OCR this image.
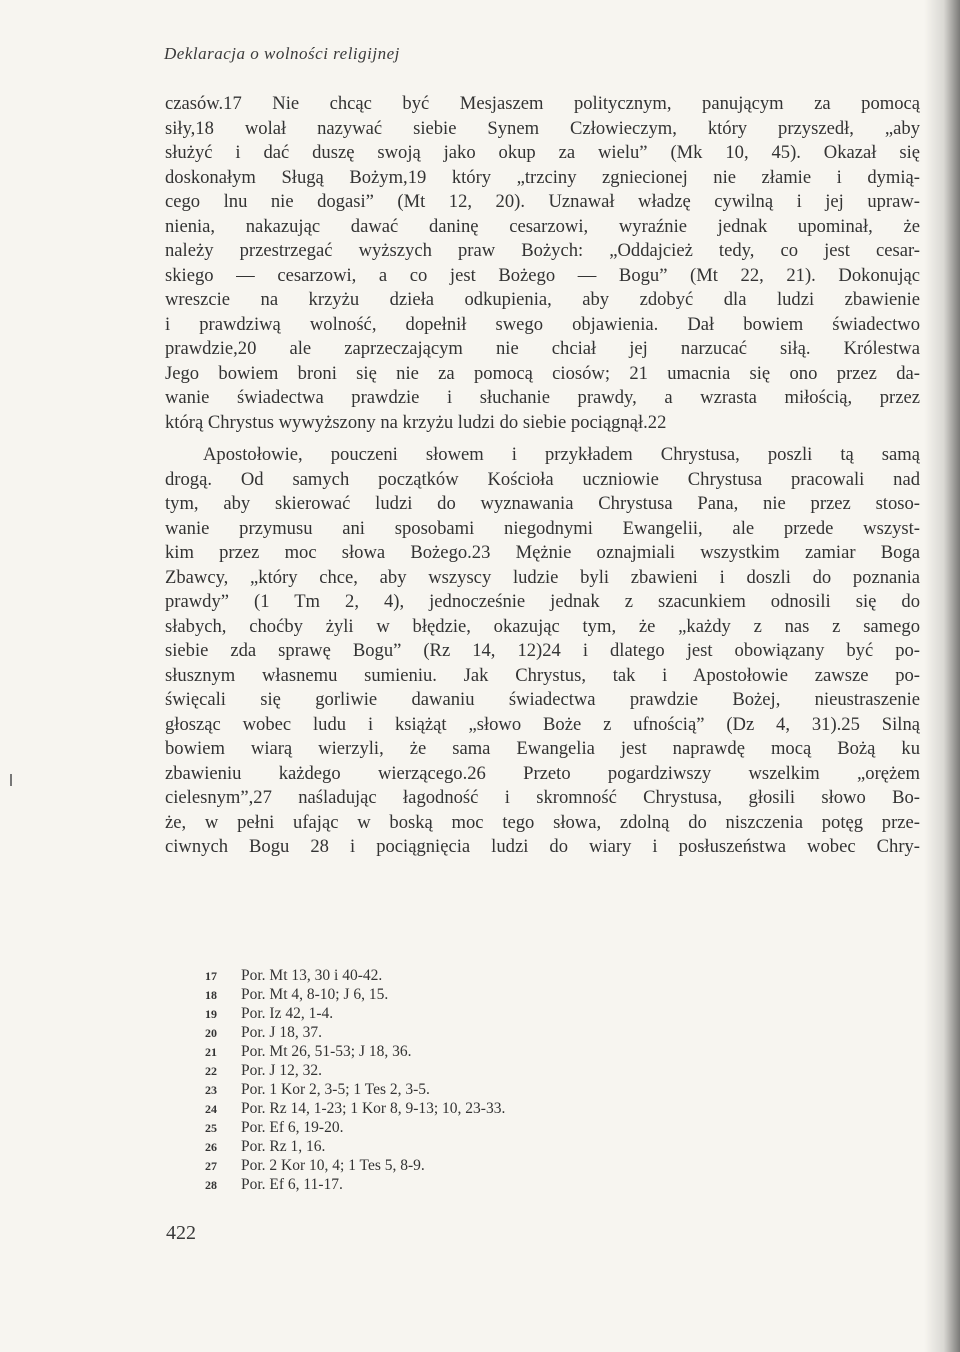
Deklaracja o wolności religijnej
czasów.17 Nie chcąc być Mesjaszem politycznym, panującym za pomocą
siły,18 wolał nazywać siebie Synem Człowieczym, który przyszedł, „aby
służyć i dać duszę swoją jako okup za wielu” (Mk 10, 45). Okazał się
doskonałym Sługą Bożym,19 który „trzciny zgniecionej nie złamie i dymią-
cego lnu nie dogasi” (Mt 12, 20). Uznawał władzę cywilną i jej upraw-
nienia, nakazując dawać daninę cesarzowi, wyraźnie jednak upominał, że
należy przestrzegać wyższych praw Bożych: „Oddajcież tedy, co jest cesar-
skiego — cesarzowi, a co jest Bożego — Bogu” (Mt 22, 21). Dokonując
wreszcie na krzyżu dzieła odkupienia, aby zdobyć dla ludzi zbawienie
i prawdziwą wolność, dopełnił swego objawienia. Dał bowiem świadectwo
prawdzie,20 ale zaprzeczającym nie chciał jej narzucać siłą. Królestwa
Jego bowiem broni się nie za pomocą ciosów; 21 umacnia się ono przez da-
wanie świadectwa prawdzie i słuchanie prawdy, a wzrasta miłością, przez
którą Chrystus wywyższony na krzyżu ludzi do siebie pociągnął.22
Apostołowie, pouczeni słowem i przykładem Chrystusa, poszli tą samą
drogą. Od samych początków Kościoła uczniowie Chrystusa pracowali nad
tym, aby skierować ludzi do wyznawania Chrystusa Pana, nie przez stoso-
wanie przymusu ani sposobami niegodnymi Ewangelii, ale przede wszyst-
kim przez moc słowa Bożego.23 Mężnie oznajmiali wszystkim zamiar Boga
Zbawcy, „który chce, aby wszyscy ludzie byli zbawieni i doszli do poznania
prawdy” (1 Tm 2, 4), jednocześnie jednak z szacunkiem odnosili się do
słabych, choćby żyli w błędzie, okazując tym, że „każdy z nas z samego
siebie zda sprawę Bogu” (Rz 14, 12)24 i dlatego jest obowiązany być po-
słusznym własnemu sumieniu. Jak Chrystus, tak i Apostołowie zawsze po-
święcali się gorliwie dawaniu świadectwa prawdzie Bożej, nieustraszenie
głosząc wobec ludu i książąt „słowo Boże z ufnością” (Dz 4, 31).25 Silną
bowiem wiarą wierzyli, że sama Ewangelia jest naprawdę mocą Bożą ku
zbawieniu każdego wierzącego.26 Przeto pogardziwszy wszelkim „orężem
cielesnym”,27 naśladując łagodność i skromność Chrystusa, głosili słowo Bo-
że, w pełni ufając w boską moc tego słowa, zdolną do niszczenia potęg prze-
ciwnych Bogu 28 i pociągnięcia ludzi do wiary i posłuszeństwa wobec Chry-
17 Por. Mt 13, 30 i 40-42.
18 Por. Mt 4, 8-10; J 6, 15.
19 Por. Iz 42, 1-4.
20 Por. J 18, 37.
21 Por. Mt 26, 51-53; J 18, 36.
22 Por. J 12, 32.
23 Por. 1 Kor 2, 3-5; 1 Tes 2, 3-5.
24 Por. Rz 14, 1-23; 1 Kor 8, 9-13; 10, 23-33.
25 Por. Ef 6, 19-20.
26 Por. Rz 1, 16.
27 Por. 2 Kor 10, 4; 1 Tes 5, 8-9.
28 Por. Ef 6, 11-17.
422
